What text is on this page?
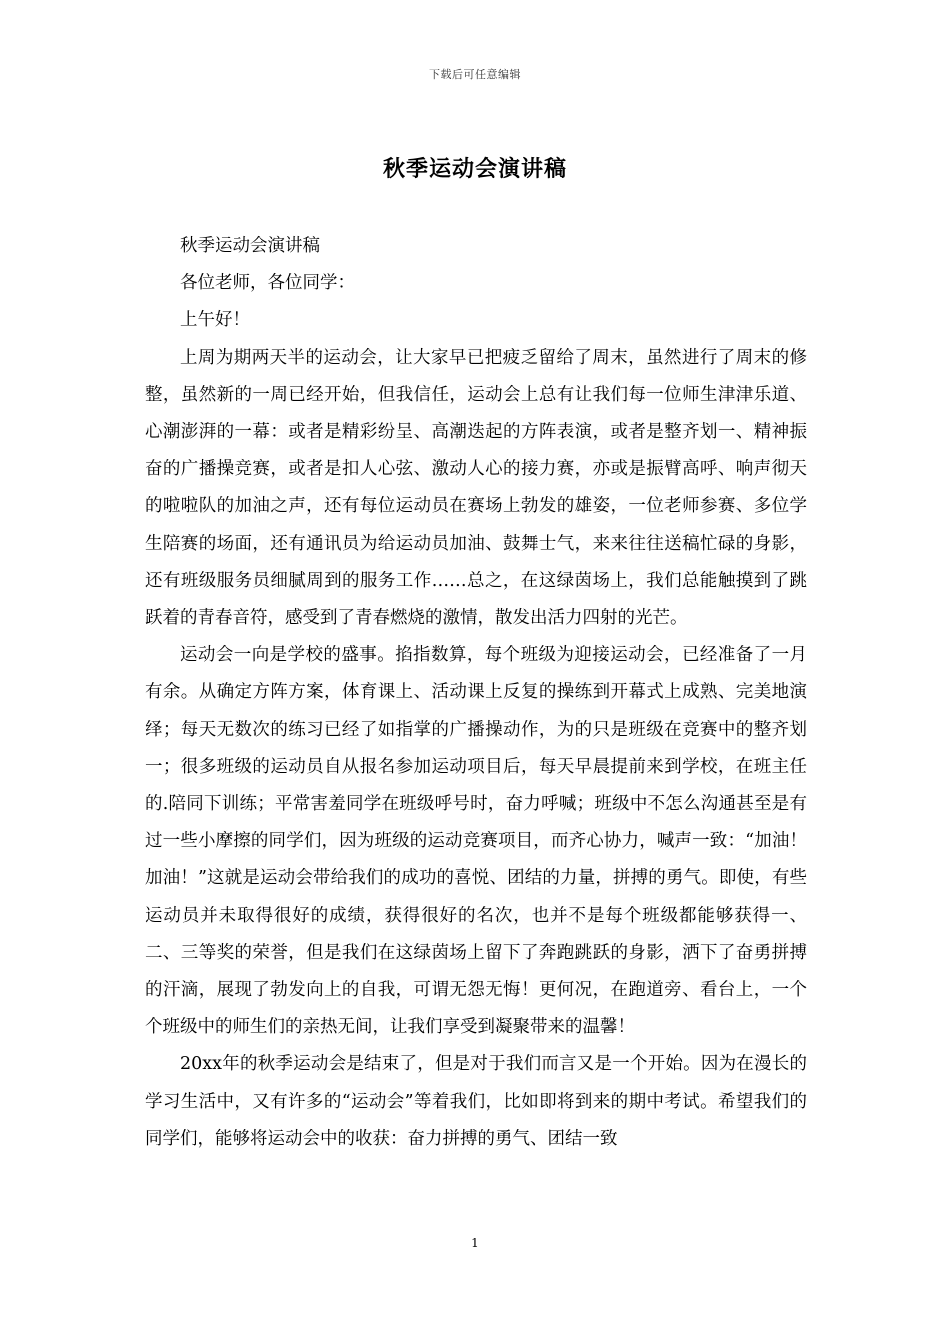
下载后可任意编辑
秋季运动会演讲稿

秋季运动会演讲稿

各位老师，各位同学：

上午好！

上周为期两天半的运动会，让大家早已把疲乏留给了周末，虽然进行了周末的修整，虽然新的一周已经开始，但我信任，运动会上总有让我们每一位师生津津乐道、心潮澎湃的一幕：或者是精彩纷呈、高潮迭起的方阵表演，或者是整齐划一、精神振奋的广播操竞赛，或者是扣人心弦、激动人心的接力赛，亦或是振臂高呼、响声彻天的啦啦队的加油之声，还有每位运动员在赛场上勃发的雄姿，一位老师参赛、多位学生陪赛的场面，还有通讯员为给运动员加油、鼓舞士气，来来往往送稿忙碌的身影，还有班级服务员细腻周到的服务工作……总之，在这绿茵场上，我们总能触摸到了跳跃着的青春音符，感受到了青春燃烧的激情，散发出活力四射的光芒。

运动会一向是学校的盛事。掐指数算，每个班级为迎接运动会，已经准备了一月有余。从确定方阵方案，体育课上、活动课上反复的操练到开幕式上成熟、完美地演绎；每天无数次的练习已经了如指掌的广播操动作，为的只是班级在竞赛中的整齐划一；很多班级的运动员自从报名参加运动项目后，每天早晨提前来到学校，在班主任的.陪同下训练；平常害羞同学在班级呼号时，奋力呼喊；班级中不怎么沟通甚至是有过一些小摩擦的同学们，因为班级的运动竞赛项目，而齐心协力，喊声一致：“加油！加油！”这就是运动会带给我们的成功的喜悦、团结的力量，拼搏的勇气。即使，有些运动员并未取得很好的成绩，获得很好的名次，也并不是每个班级都能够获得一、二、三等奖的荣誉，但是我们在这绿茵场上留下了奔跑跳跃的身影，洒下了奋勇拼搏的汗滴，展现了勃发向上的自我，可谓无怨无悔！更何况，在跑道旁、看台上，一个个班级中的师生们的亲热无间，让我们享受到凝聚带来的温馨！

20xx年的秋季运动会是结束了，但是对于我们而言又是一个开始。因为在漫长的学习生活中，又有许多的“运动会”等着我们，比如即将到来的期中考试。希望我们的同学们，能够将运动会中的收获：奋力拼搏的勇气、团结一致

1
